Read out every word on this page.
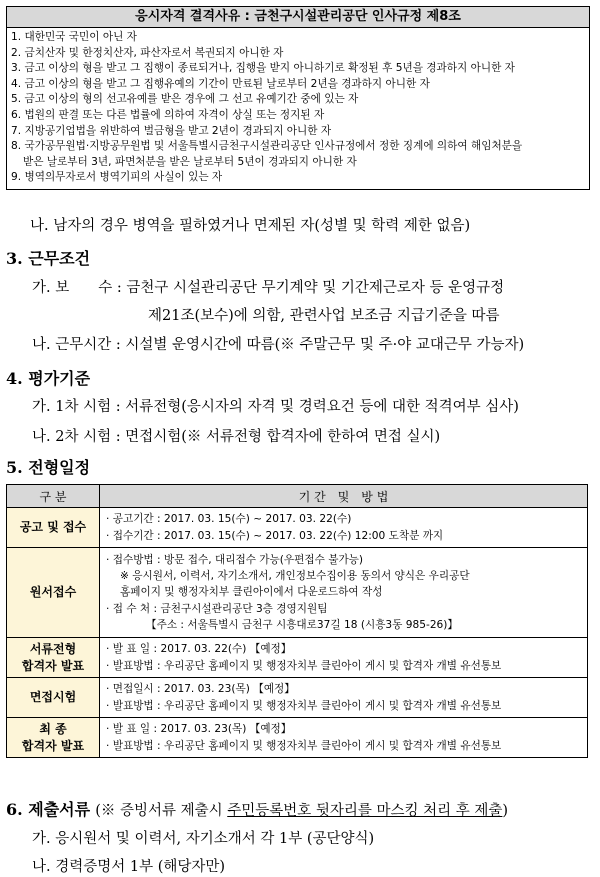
응시자격 결격사유 : 금천구시설관리공단 인사규정 제8조
1. 대한민국 국민이 아닌 자
2. 금치산자 및 한정치산자, 파산자로서 복권되지 아니한 자
3. 금고 이상의 형을 받고 그 집행이 종료되거나, 집행을 받지 아니하기로 확정된 후 5년을 경과하지 아니한 자
4. 금고 이상의 형을 받고 그 집행유예의 기간이 만료된 날로부터 2년을 경과하지 아니한 자
5. 금고 이상의 형의 선고유예를 받은 경우에 그 선고 유예기간 중에 있는 자
6. 법원의 판결 또는 다른 법률에 의하여 자격이 상실 또는 정지된 자
7. 지방공기업법을 위반하여 벌금형을 받고 2년이 경과되지 아니한 자
8. 국가공무원법·지방공무원법 및 서울특별시금천구시설관리공단 인사규정에서 정한 징계에 의하여 해임처분을
받은 날로부터 3년, 파면처분을 받은 날로부터 5년이 경과되지 아니한 자
9. 병역의무자로서 병역기피의 사실이 있는 자
나. 남자의 경우 병역을 필하였거나 면제된 자(성별 및 학력 제한 없음)
3. 근무조건
가. 보　　수 : 금천구 시설관리공단 무기계약 및 기간제근로자 등 운영규정
제21조(보수)에 의함, 관련사업 보조금 지급기준을 따름
나. 근무시간 : 시설별 운영시간에 따름(※ 주말근무 및 주·야 교대근무 가능자)
4. 평가기준
가. 1차 시험 : 서류전형(응시자의 자격 및 경력요건 등에 대한 적격여부 심사)
나. 2차 시험 : 면접시험(※ 서류전형 합격자에 한하여 면접 실시)
5. 전형일정
구 분	기 간　및　방 법
공고 및 접수	· 공고기간 : 2017. 03. 15(수) ~ 2017. 03. 22(수)
· 접수기간 : 2017. 03. 15(수) ~ 2017. 03. 22(수) 12:00 도착분 까지

원서접수	· 접수방법 : 방문 접수, 대리접수 가능(우편접수 불가능)
※ 응시원서, 이력서, 자기소개서, 개인정보수집이용 동의서 양식은 우리공단
홈페이지 및 행정자치부 클린아이에서 다운로드하여 작성
· 접 수 처 : 금천구시설관리공단 3층 경영지원팀
【주소 : 서울특별시 금천구 시흥대로37길 18 (시흥3동 985-26)】

서류전형
합격자 발표	· 발 표 일 : 2017. 03. 22(수) 【예정】
· 발표방법 : 우리공단 홈페이지 및 행정자치부 클린아이 게시 및 합격자 개별 유선통보

면접시험	· 면접일시 : 2017. 03. 23(목) 【예정】
· 발표방법 : 우리공단 홈페이지 및 행정자치부 클린아이 게시 및 합격자 개별 유선통보

최 종
합격자 발표	· 발 표 일 : 2017. 03. 23(목) 【예정】
· 발표방법 : 우리공단 홈페이지 및 행정자치부 클린아이 게시 및 합격자 개별 유선통보
6. 제출서류 (※ 증빙서류 제출시 주민등록번호 뒷자리를 마스킹 처리 후 제출)
가. 응시원서 및 이력서, 자기소개서 각 1부 (공단양식)
나. 경력증명서 1부 (해당자만)
